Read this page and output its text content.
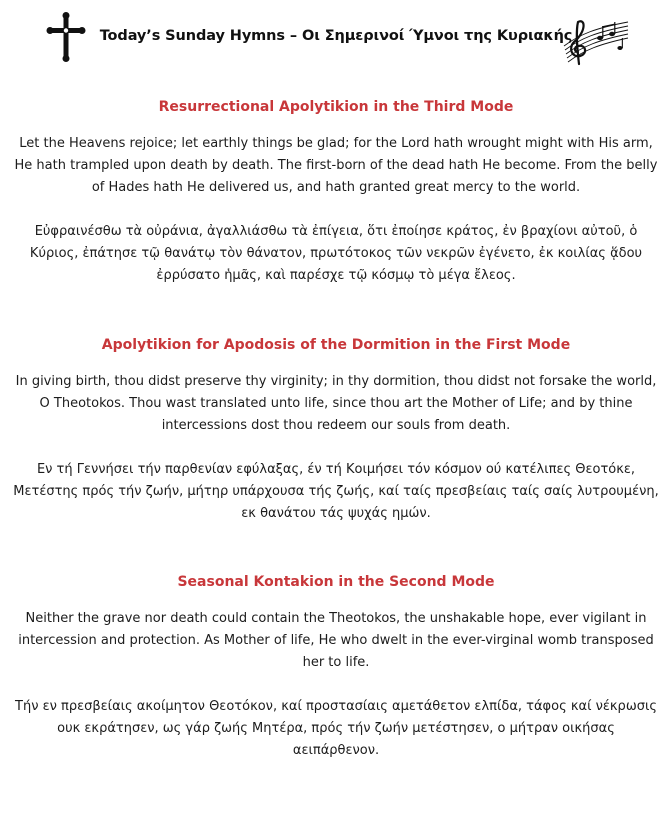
Today’s Sunday Hymns – Οι Σημερινοί Ύμνοι της Κυριακής
Resurrectional Apolytikion in the Third Mode

Let the Heavens rejoice; let earthly things be glad; for the Lord hath wrought might with His arm, He hath trampled upon death by death. The first-born of the dead hath He become. From the belly of Hades hath He delivered us, and hath granted great mercy to the world.

Εὐφραινέσθω τὰ οὐράνια, ἀγαλλιάσθω τὰ ἐπίγεια, ὅτι ἐποίησε κράτος, ἐν βραχίονι αὐτοῦ, ὁ Κύριος, ἐπάτησε τῷ θανάτῳ τὸν θάνατον, πρωτότοκος τῶν νεκρῶν ἐγένετο, ἐκ κοιλίας ᾅδου ἐρρύσατο ἡμᾶς, καὶ παρέσχε τῷ κόσμῳ τὸ μέγα ἔλεος.

Apolytikion for Apodosis of the Dormition in the First Mode

In giving birth, thou didst preserve thy virginity; in thy dormition, thou didst not forsake the world, O Theotokos. Thou wast translated unto life, since thou art the Mother of Life; and by thine intercessions dost thou redeem our souls from death.

Εν τή Γεννήσει τήν παρθενίαν εφύλαξας, έν τή Κοιμήσει τόν κόσμον ού κατέλιπες Θεοτόκε, Μετέστης πρός τήν ζωήν, μήτηρ υπάρχουσα τής ζωής, καί ταίς πρεσβείαις ταίς σαίς λυτρουμένη, εκ θανάτου τάς ψυχάς ημών.

Seasonal Kontakion in the Second Mode

Neither the grave nor death could contain the Theotokos, the unshakable hope, ever vigilant in intercession and protection. As Mother of life, He who dwelt in the ever-virginal womb transposed her to life.

Τήν εν πρεσβείαις ακοίμητον Θεοτόκον, καί προστασίαις αμετάθετον ελπίδα, τάφος καί νέκρωσις ουκ εκράτησεν, ως γάρ ζωής Μητέρα, πρός τήν ζωήν μετέστησεν, ο μήτραν οικήσας αειπάρθενον.
